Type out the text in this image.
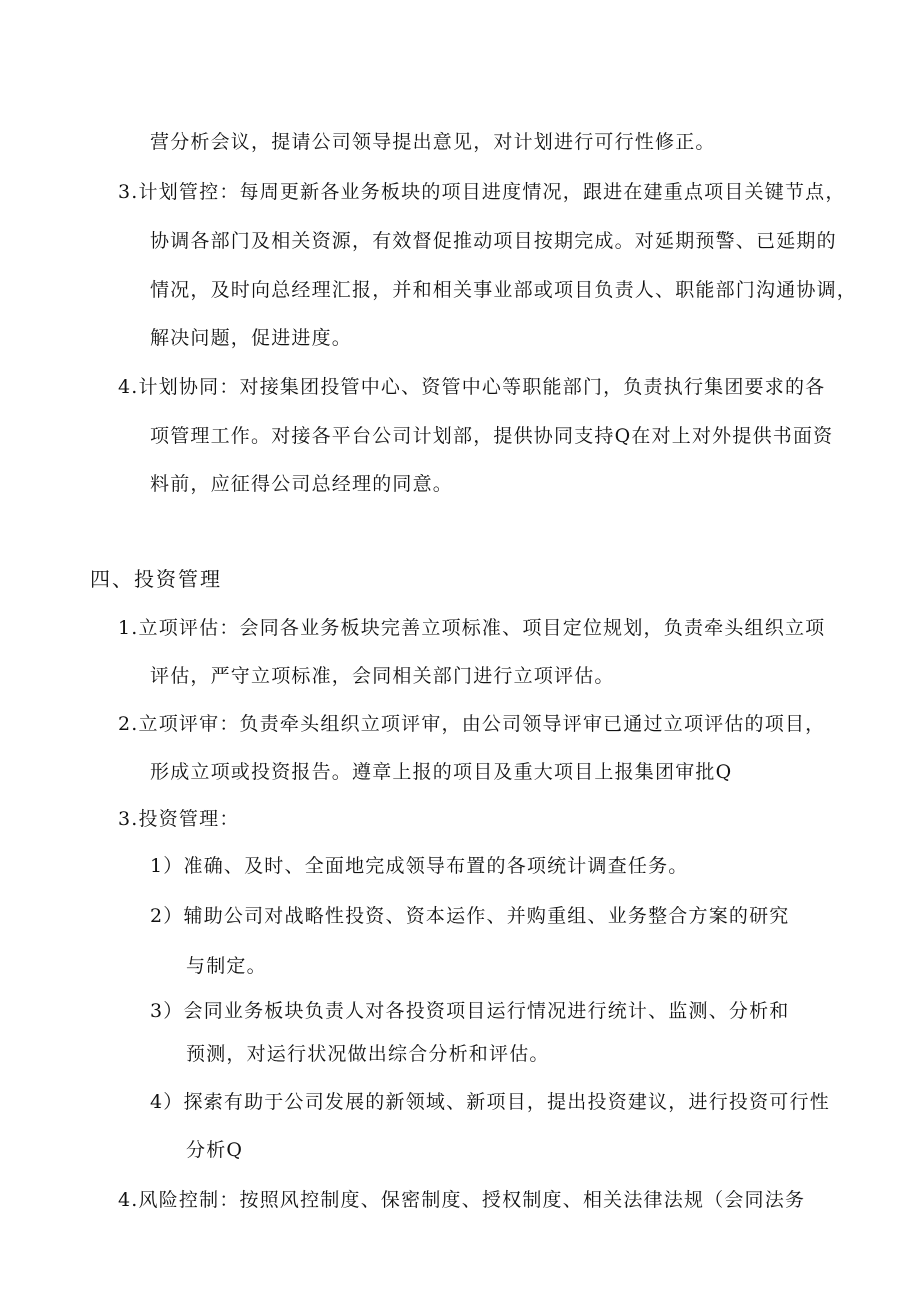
营分析会议，提请公司领导提出意见，对计划进行可行性修正。
3.计划管控：每周更新各业务板块的项目进度情况，跟进在建重点项目关键节点，
协调各部门及相关资源，有效督促推动项目按期完成。对延期预警、已延期的
情况，及时向总经理汇报，并和相关事业部或项目负责人、职能部门沟通协调，
解决问题，促进进度。
4.计划协同：对接集团投管中心、资管中心等职能部门，负责执行集团要求的各
项管理工作。对接各平台公司计划部，提供协同支持Q在对上对外提供书面资
料前，应征得公司总经理的同意。
四、投资管理
1.立项评估：会同各业务板块完善立项标准、项目定位规划，负责牵头组织立项
评估，严守立项标准，会同相关部门进行立项评估。
2.立项评审：负责牵头组织立项评审，由公司领导评审已通过立项评估的项目，
形成立项或投资报告。遵章上报的项目及重大项目上报集团审批Q
3.投资管理：
1）准确、及时、全面地完成领导布置的各项统计调查任务。
2）辅助公司对战略性投资、资本运作、并购重组、业务整合方案的研究
与制定。
3）会同业务板块负责人对各投资项目运行情况进行统计、监测、分析和
预测，对运行状况做出综合分析和评估。
4）探索有助于公司发展的新领域、新项目，提出投资建议，进行投资可行性
分析Q
4.风险控制：按照风控制度、保密制度、授权制度、相关法律法规（会同法务
